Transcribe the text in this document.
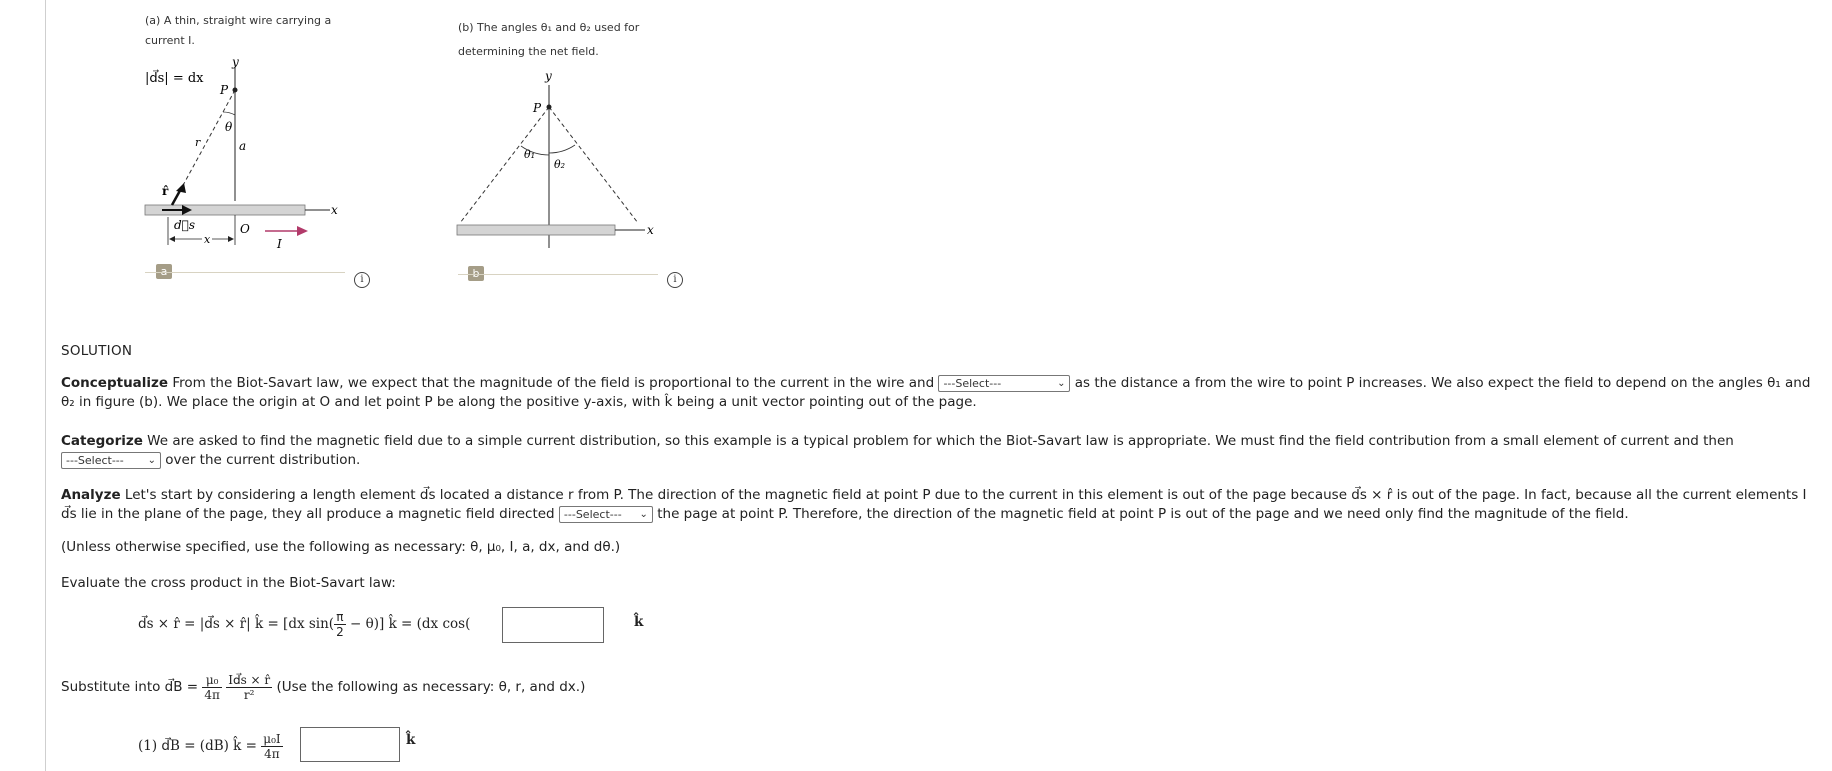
(a) A thin, straight wire carrying a
current I.
|d⃗s| = dx
y
P
θ
a
r
r̂
x
d⃗s	O
x	I
i
(b) The angles θ₁ and θ₂ used for
determining the net field.
y
P
θ₁
θ₂
x
i
SOLUTION
Conceptualize From the Biot-Savart law, we expect that the magnitude of the field is proportional to the current in the wire and ---Select---	⌄ as the distance a from the wire to point P increases. We also expect the field to depend on the angles θ₁ and θ₂ in figure (b). We place the origin at O and let point P be along the positive y-axis, with k̂ being a unit vector pointing out of the page.
Categorize We are asked to find the magnetic field due to a simple current distribution, so this example is a typical problem for which the Biot-Savart law is appropriate. We must find the field contribution from a small element of current and then ---Select--- ⌄ over the current distribution.
Analyze Let's start by considering a length element d⃗s located a distance r from P. The direction of the magnetic field at point P due to the current in this element is out of the page because d⃗s × r̂ is out of the page. In fact, because all the current elements I d⃗s lie in the plane of the page, they all produce a magnetic field directed ---Select--- ⌄ the page at point P. Therefore, the direction of the magnetic field at point P is out of the page and we need only find the magnitude of the field.
(Unless otherwise specified, use the following as necessary: θ, μ₀, I, a, dx, and dθ.)
Evaluate the cross product in the Biot-Savart law:
d⃗s × r̂ = |d⃗s × r̂| k̂ = [dx $\sin( \frac{\pi}{2} - \theta)$] k̂ = (dx cos(	k̂
Substitute into d⃗B = $\frac{\text{μ₀}}{4\pi}$
$\frac{Id⃗s \times r̂}{\text{r²}} (Use$ the following as necessary: θ, r, and dx.)
(1) d⃗B = (dB) k̂ = $\frac{\text{μ₀I}}{4\pi}$	k̂
